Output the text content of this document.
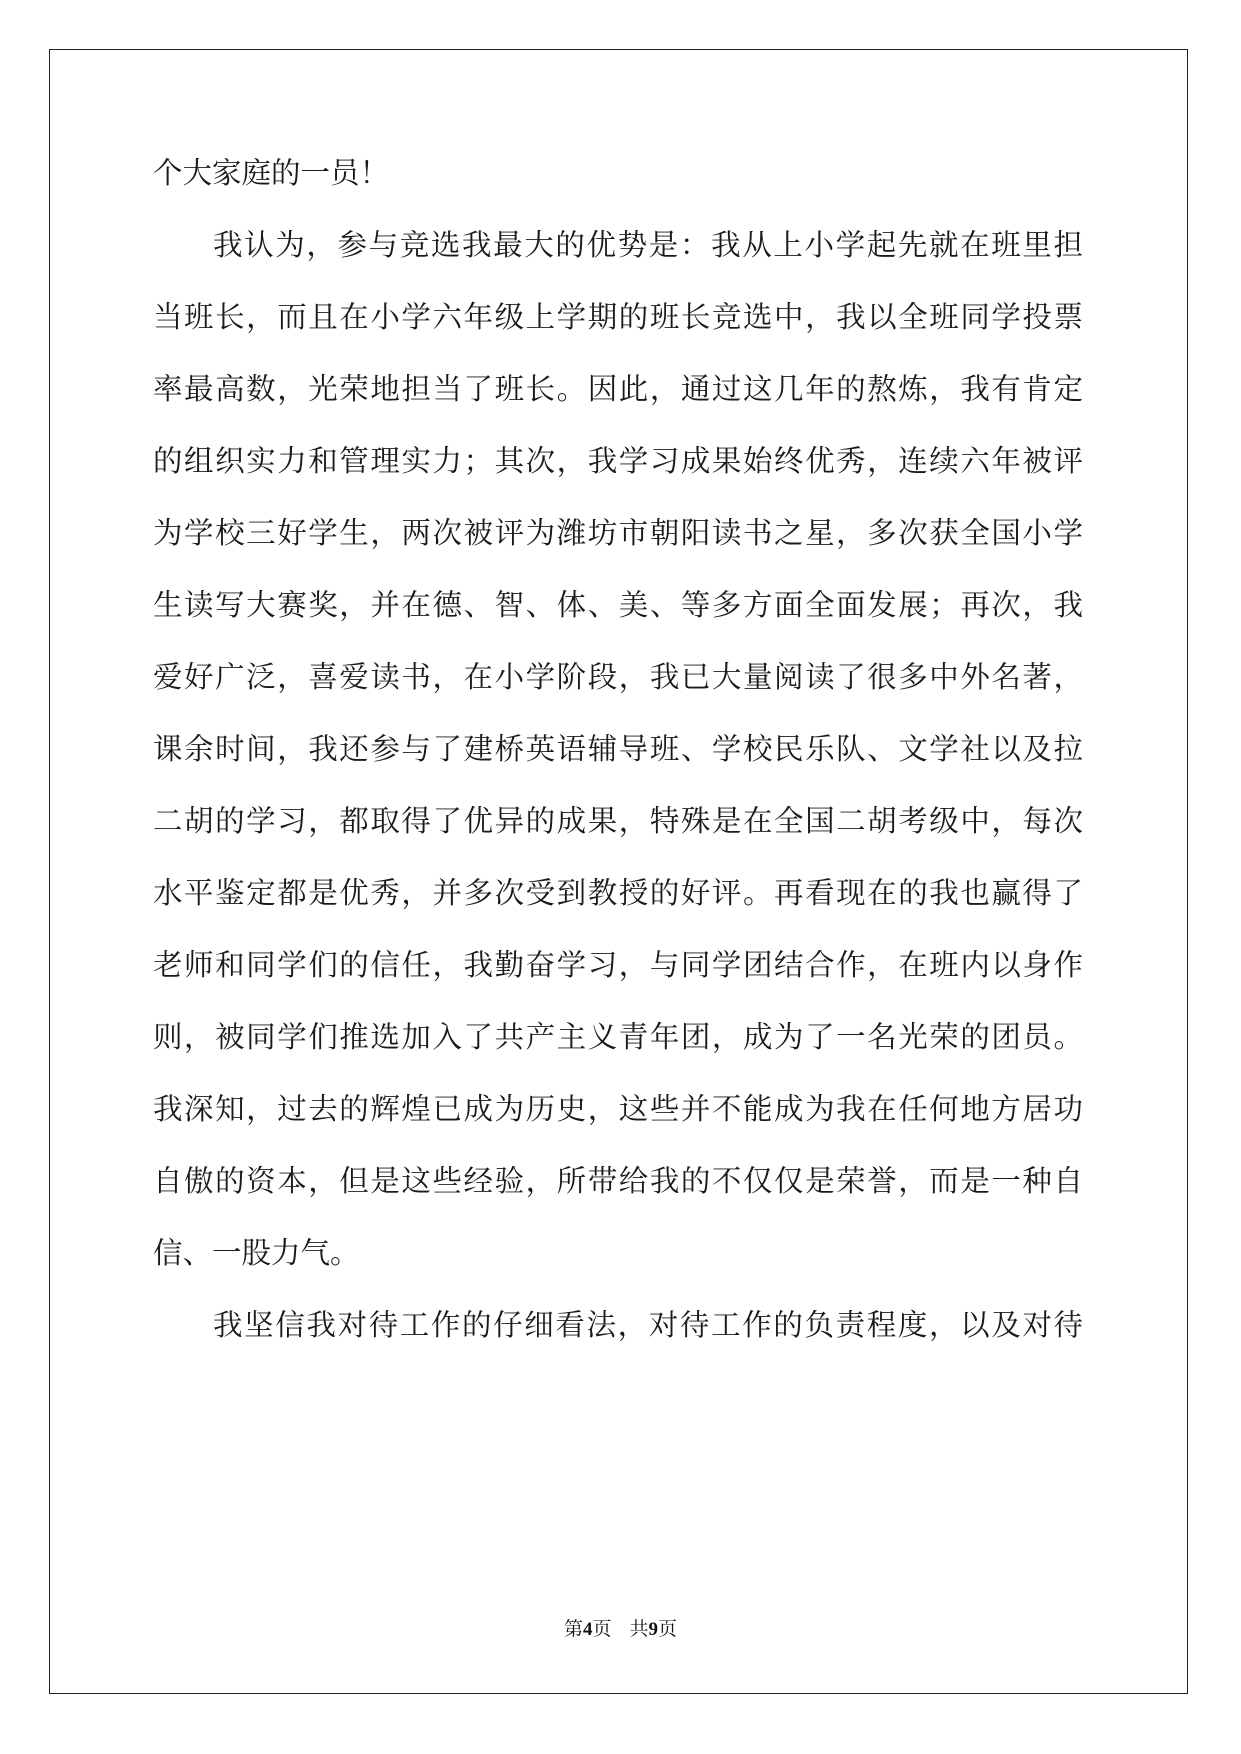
个大家庭的一员！
我认为，参与竞选我最大的优势是：我从上小学起先就在班里担
当班长，而且在小学六年级上学期的班长竞选中，我以全班同学投票
率最高数，光荣地担当了班长。因此，通过这几年的熬炼，我有肯定
的组织实力和管理实力；其次，我学习成果始终优秀，连续六年被评
为学校三好学生，两次被评为潍坊市朝阳读书之星，多次获全国小学
生读写大赛奖，并在德、智、体、美、等多方面全面发展；再次，我
爱好广泛，喜爱读书，在小学阶段，我已大量阅读了很多中外名著，
课余时间，我还参与了建桥英语辅导班、学校民乐队、文学社以及拉
二胡的学习，都取得了优异的成果，特殊是在全国二胡考级中，每次
水平鉴定都是优秀，并多次受到教授的好评。再看现在的我也赢得了
老师和同学们的信任，我勤奋学习，与同学团结合作，在班内以身作
则，被同学们推选加入了共产主义青年团，成为了一名光荣的团员。
我深知，过去的辉煌已成为历史，这些并不能成为我在任何地方居功
自傲的资本，但是这些经验，所带给我的不仅仅是荣誉，而是一种自
信、一股力气。
我坚信我对待工作的仔细看法，对待工作的负责程度，以及对待
第4页 共9页
